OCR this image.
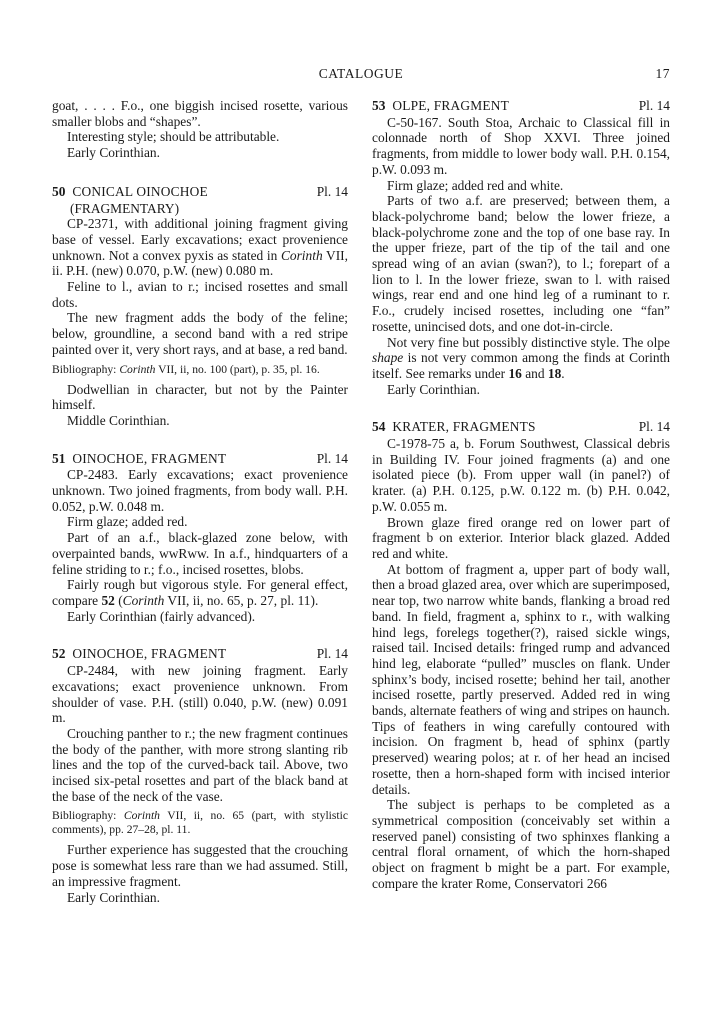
CATALOGUE	17

goat, . . . . F.o., one biggish incised rosette, various smaller blobs and “shapes”.

Interesting style; should be attributable.

Early Corinthian.

50 CONICAL OINOCHOE	Pl. 14
(FRAGMENTARY)

CP-2371, with additional joining fragment giving base of vessel. Early excavations; exact provenience unknown. Not a convex pyxis as stated in Corinth VII, ii. P.H. (new) 0.070, p.W. (new) 0.080 m.

Feline to l., avian to r.; incised rosettes and small dots.

The new fragment adds the body of the feline; below, groundline, a second band with a red stripe painted over it, very short rays, and at base, a red band.

Bibliography: Corinth VII, ii, no. 100 (part), p. 35, pl. 16.

Dodwellian in character, but not by the Painter himself.

Middle Corinthian.

51 OINOCHOE, FRAGMENT	Pl. 14

CP-2483. Early excavations; exact provenience unknown. Two joined fragments, from body wall. P.H. 0.052, p.W. 0.048 m.

Firm glaze; added red.

Part of an a.f., black-glazed zone below, with overpainted bands, wwRww. In a.f., hindquarters of a feline striding to r.; f.o., incised rosettes, blobs.

Fairly rough but vigorous style. For general effect, compare 52 (Corinth VII, ii, no. 65, p. 27, pl. 11).

Early Corinthian (fairly advanced).

52 OINOCHOE, FRAGMENT	Pl. 14

CP-2484, with new joining fragment. Early excavations; exact provenience unknown. From shoulder of vase. P.H. (still) 0.040, p.W. (new) 0.091 m.

Crouching panther to r.; the new fragment continues the body of the panther, with more strong slanting rib lines and the top of the curved-back tail. Above, two incised six-petal rosettes and part of the black band at the base of the neck of the vase.

Bibliography: Corinth VII, ii, no. 65 (part, with stylistic comments), pp. 27–28, pl. 11.

Further experience has suggested that the crouching pose is somewhat less rare than we had assumed. Still, an impressive fragment.

Early Corinthian.

53 OLPE, FRAGMENT	Pl. 14

C-50-167. South Stoa, Archaic to Classical fill in colonnade north of Shop XXVI. Three joined fragments, from middle to lower body wall. P.H. 0.154, p.W. 0.093 m.

Firm glaze; added red and white.

Parts of two a.f. are preserved; between them, a black-polychrome band; below the lower frieze, a black-polychrome zone and the top of one base ray. In the upper frieze, part of the tip of the tail and one spread wing of an avian (swan?), to l.; forepart of a lion to l. In the lower frieze, swan to l. with raised wings, rear end and one hind leg of a ruminant to r. F.o., crudely incised rosettes, including one “fan” rosette, unincised dots, and one dot-in-circle.

Not very fine but possibly distinctive style. The olpe shape is not very common among the finds at Corinth itself. See remarks under 16 and 18.

Early Corinthian.

54 KRATER, FRAGMENTS	Pl. 14

C-1978-75 a, b. Forum Southwest, Classical debris in Building IV. Four joined fragments (a) and one isolated piece (b). From upper wall (in panel?) of krater. (a) P.H. 0.125, p.W. 0.122 m. (b) P.H. 0.042, p.W. 0.055 m.

Brown glaze fired orange red on lower part of fragment b on exterior. Interior black glazed. Added red and white.

At bottom of fragment a, upper part of body wall, then a broad glazed area, over which are superimposed, near top, two narrow white bands, flanking a broad red band. In field, fragment a, sphinx to r., with walking hind legs, forelegs together(?), raised sickle wings, raised tail. Incised details: fringed rump and advanced hind leg, elaborate “pulled” muscles on flank. Under sphinx’s body, incised rosette; behind her tail, another incised rosette, partly preserved. Added red in wing bands, alternate feathers of wing and stripes on haunch. Tips of feathers in wing carefully contoured with incision. On fragment b, head of sphinx (partly preserved) wearing polos; at r. of her head an incised rosette, then a horn-shaped form with incised interior details.

The subject is perhaps to be completed as a symmetrical composition (conceivably set within a reserved panel) consisting of two sphinxes flanking a central floral ornament, of which the horn-shaped object on fragment b might be a part. For example, compare the krater Rome, Conservatori 266
